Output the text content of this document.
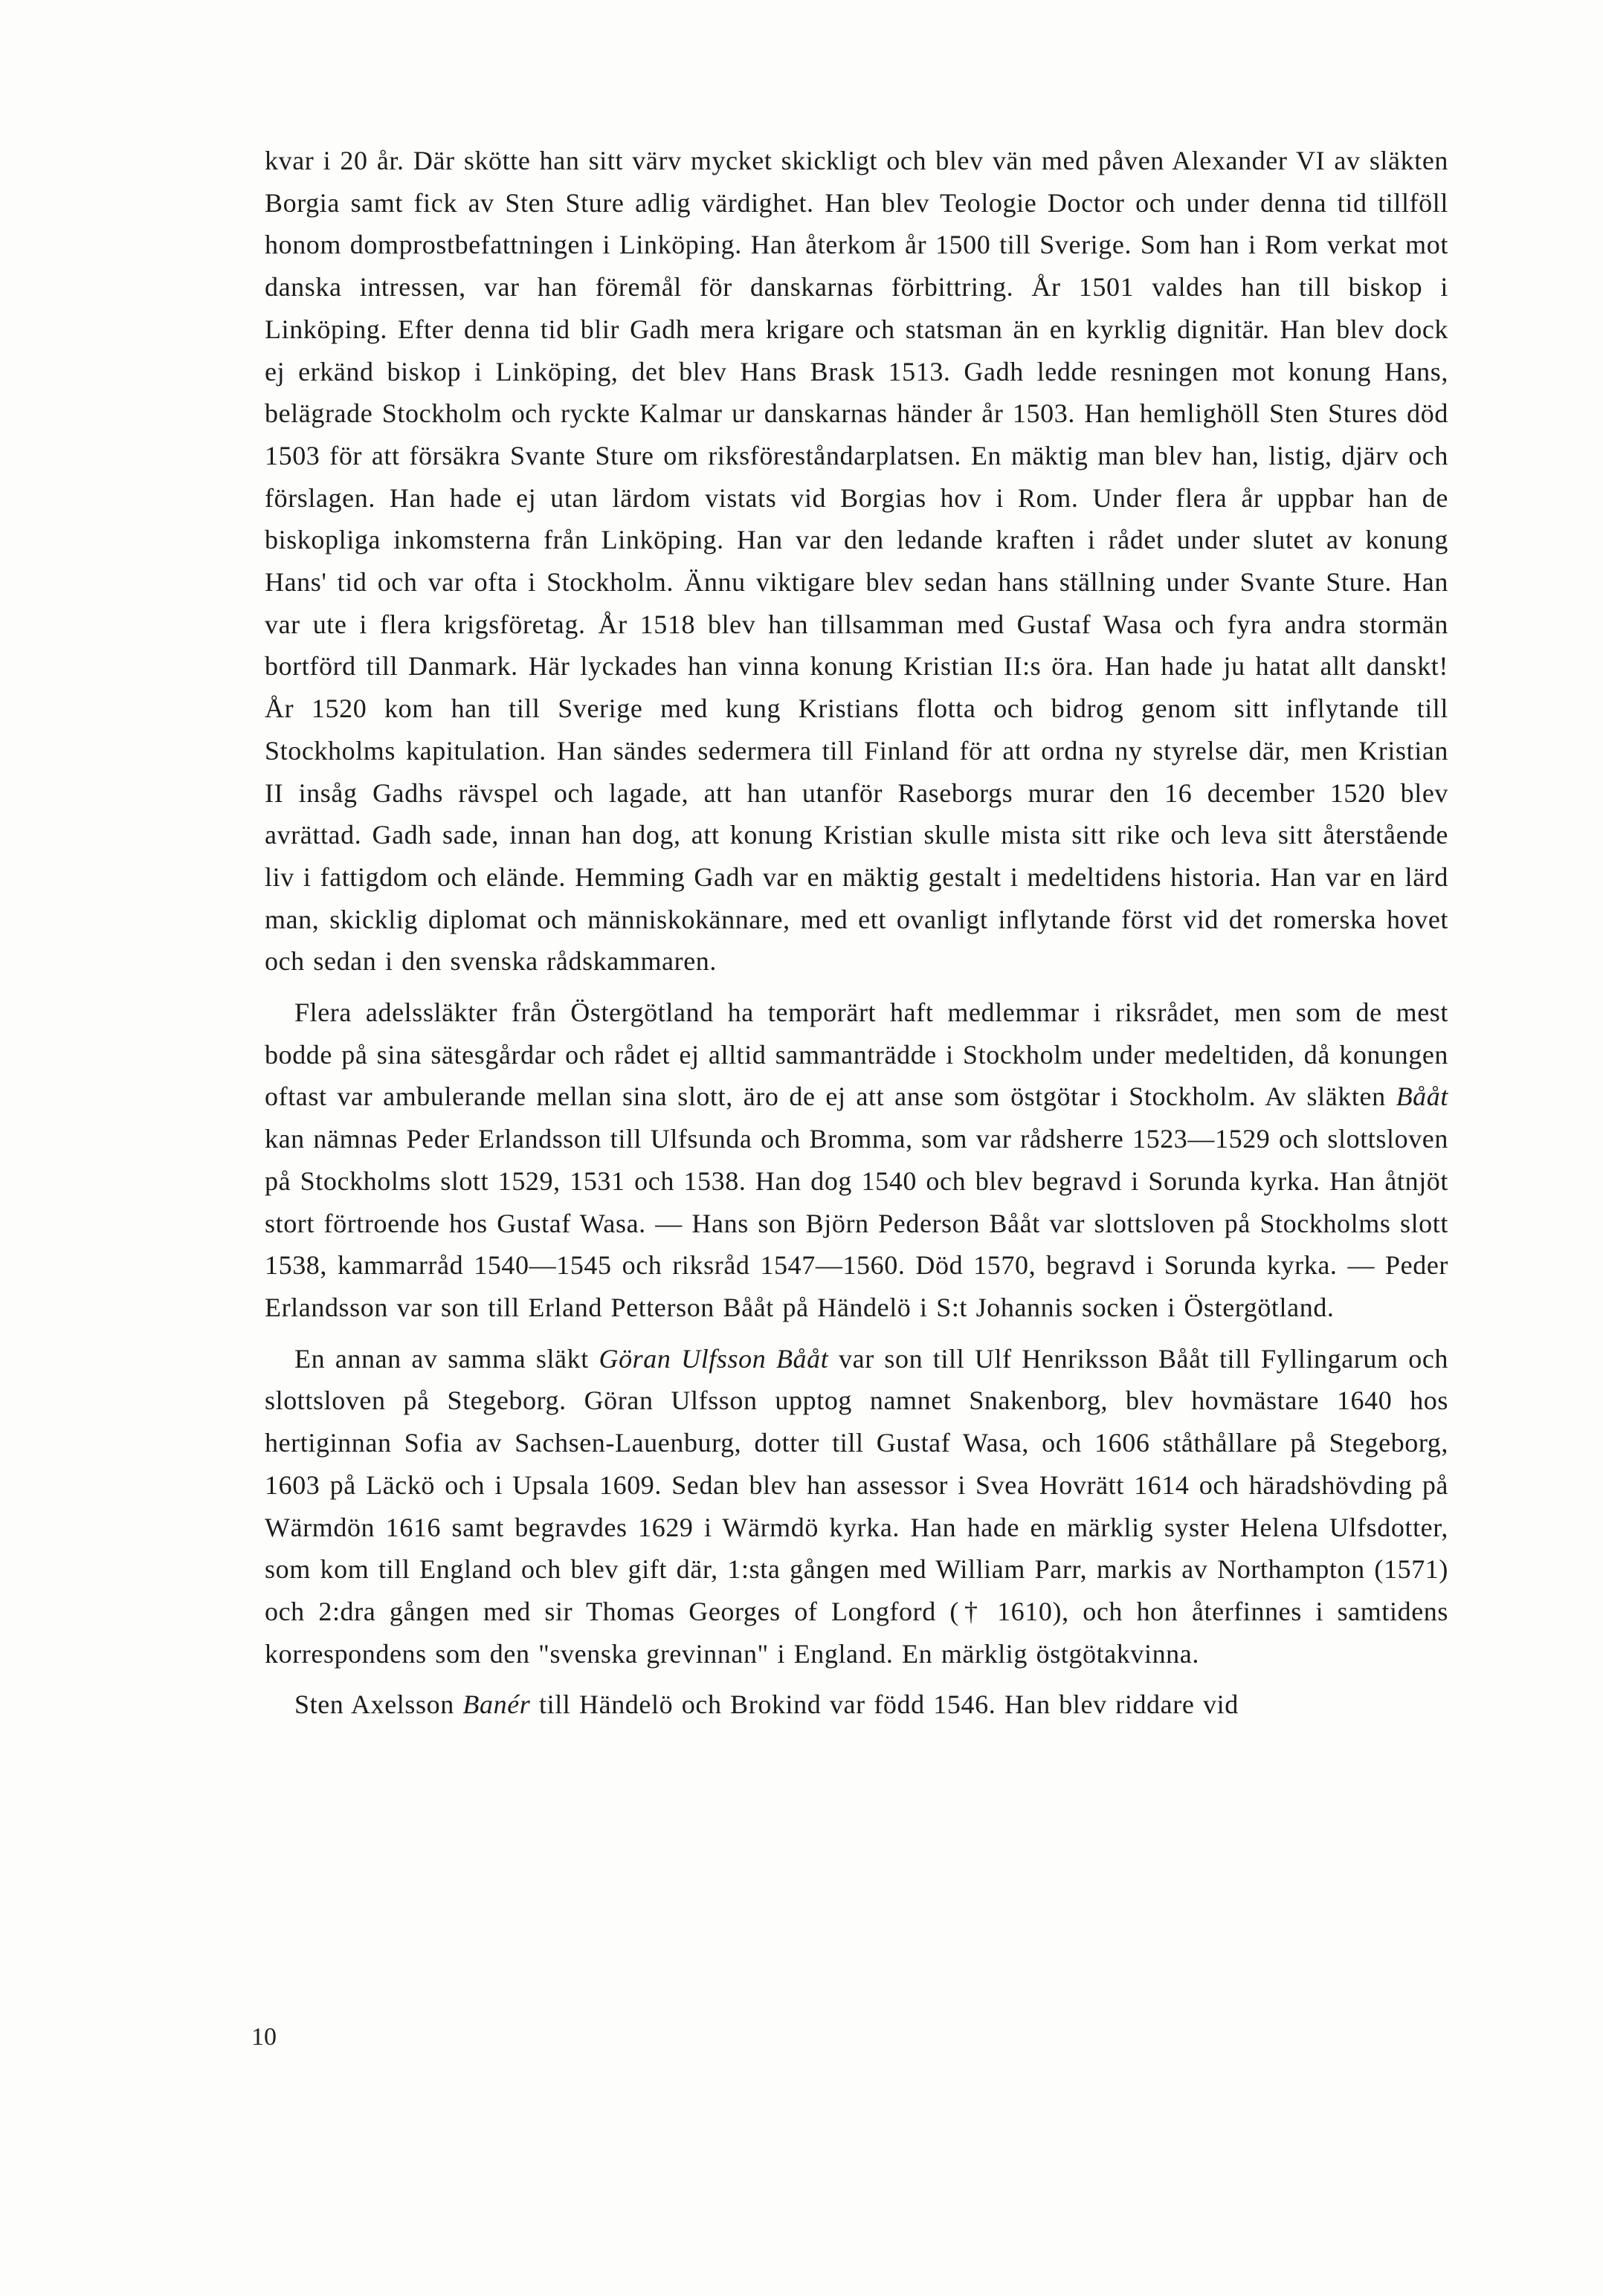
kvar i 20 år. Där skötte han sitt värv mycket skickligt och blev vän med påven Alexander VI av släkten Borgia samt fick av Sten Sture adlig värdighet. Han blev Teologie Doctor och under denna tid tillföll honom domprostbefattningen i Linköping. Han återkom år 1500 till Sverige. Som han i Rom verkat mot danska intressen, var han föremål för danskarnas förbittring. År 1501 valdes han till biskop i Linköping. Efter denna tid blir Gadh mera krigare och statsman än en kyrklig dignitär. Han blev dock ej erkänd biskop i Linköping, det blev Hans Brask 1513. Gadh ledde resningen mot konung Hans, belägrade Stockholm och ryckte Kalmar ur danskarnas händer år 1503. Han hemlighöll Sten Stures död 1503 för att försäkra Svante Sture om riksföreståndarplatsen. En mäktig man blev han, listig, djärv och förslagen. Han hade ej utan lärdom vistats vid Borgias hov i Rom. Under flera år uppbar han de biskopliga inkomsterna från Linköping. Han var den ledande kraften i rådet under slutet av konung Hans' tid och var ofta i Stockholm. Ännu viktigare blev sedan hans ställning under Svante Sture. Han var ute i flera krigsföretag. År 1518 blev han tillsamman med Gustaf Wasa och fyra andra stormän bortförd till Danmark. Här lyckades han vinna konung Kristian II:s öra. Han hade ju hatat allt danskt! År 1520 kom han till Sverige med kung Kristians flotta och bidrog genom sitt inflytande till Stockholms kapitulation. Han sändes sedermera till Finland för att ordna ny styrelse där, men Kristian II insåg Gadhs rävspel och lagade, att han utanför Raseborgs murar den 16 december 1520 blev avrättad. Gadh sade, innan han dog, att konung Kristian skulle mista sitt rike och leva sitt återstående liv i fattigdom och elände. Hemming Gadh var en mäktig gestalt i medeltidens historia. Han var en lärd man, skicklig diplomat och människokännare, med ett ovanligt inflytande först vid det romerska hovet och sedan i den svenska rådskammaren.

Flera adelssläkter från Östergötland ha temporärt haft medlemmar i riksrådet, men som de mest bodde på sina sätesgårdar och rådet ej alltid sammanträdde i Stockholm under medeltiden, då konungen oftast var ambulerande mellan sina slott, äro de ej att anse som östgötar i Stockholm. Av släkten Bååt kan nämnas Peder Erlandsson till Ulfsunda och Bromma, som var rådsherre 1523—1529 och slottsloven på Stockholms slott 1529, 1531 och 1538. Han dog 1540 och blev begravd i Sorunda kyrka. Han åtnjöt stort förtroende hos Gustaf Wasa. — Hans son Björn Pederson Bååt var slottsloven på Stockholms slott 1538, kammarråd 1540—1545 och riksråd 1547—1560. Död 1570, begravd i Sorunda kyrka. — Peder Erlandsson var son till Erland Petterson Bååt på Händelö i S:t Johannis socken i Östergötland.

En annan av samma släkt Göran Ulfsson Bååt var son till Ulf Henriksson Bååt till Fyllingarum och slottsloven på Stegeborg. Göran Ulfsson upptog namnet Snakenborg, blev hovmästare 1640 hos hertiginnan Sofia av Sachsen-Lauenburg, dotter till Gustaf Wasa, och 1606 ståthållare på Stegeborg, 1603 på Läckö och i Upsala 1609. Sedan blev han assessor i Svea Hovrätt 1614 och häradshövding på Wärmdön 1616 samt begravdes 1629 i Wärmdö kyrka. Han hade en märklig syster Helena Ulfsdotter, som kom till England och blev gift där, 1:sta gången med William Parr, markis av Northampton (1571) och 2:dra gången med sir Thomas Georges of Longford († 1610), och hon återfinnes i samtidens korrespondens som den "svenska grevinnan" i England. En märklig östgötakvinna.

Sten Axelsson Banér till Händelö och Brokind var född 1546. Han blev riddare vid

10
